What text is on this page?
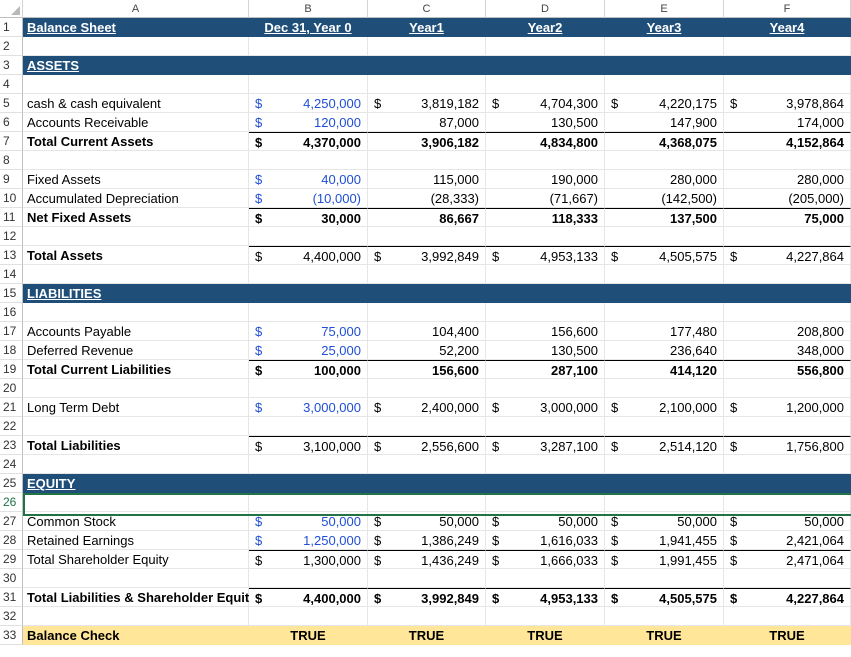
A	B	C	D	E	F
1	Balance Sheet	Dec 31, Year 0	Year1	Year2	Year3	Year4
2
3	ASSETS
4
5	cash & cash equivalent	$	4,250,000	$	3,819,182	$	4,704,300	$	4,220,175	$	3,978,864
6	Accounts Receivable	$	120,000	87,000	130,500	147,900	174,000
7	Total Current Assets	$	4,370,000	3,906,182	4,834,800	4,368,075	4,152,864
8
9	Fixed Assets	$	40,000	115,000	190,000	280,000	280,000
10 Accumulated Depreciation	$	(10,000)	(28,333)	(71,667)	(142,500)	(205,000)
11 Net Fixed Assets	$	30,000	86,667	118,333	137,500	75,000
12
13 Total Assets	$	4,400,000	$	3,992,849	$	4,953,133	$	4,505,575	$	4,227,864
14
15 LIABILITIES
16
17 Accounts Payable	$	75,000	104,400	156,600	177,480	208,800
18 Deferred Revenue	$	25,000	52,200	130,500	236,640	348,000
19 Total Current Liabilities	$	100,000	156,600	287,100	414,120	556,800
20
21 Long Term Debt	$	3,000,000	$	2,400,000	$	3,000,000	$	2,100,000	$	1,200,000
22
23 Total Liabilities	$	3,100,000	$	2,556,600	$	3,287,100	$	2,514,120	$	1,756,800
24
25 EQUITY
26
27 Common Stock	$	50,000	$	50,000	$	50,000	$	50,000	$	50,000
28 Retained Earnings	$	1,250,000	$	1,386,249	$	1,616,033	$	1,941,455	$	2,421,064
29 Total Shareholder Equity	$	1,300,000	$	1,436,249	$	1,666,033	$	1,991,455	$	2,471,064
30
31 Total Liabilities & Shareholder Equit $	4,400,000	$	3,992,849	$	4,953,133	$	4,505,575	$	4,227,864
32
33 Balance Check	TRUE	TRUE	TRUE	TRUE	TRUE
